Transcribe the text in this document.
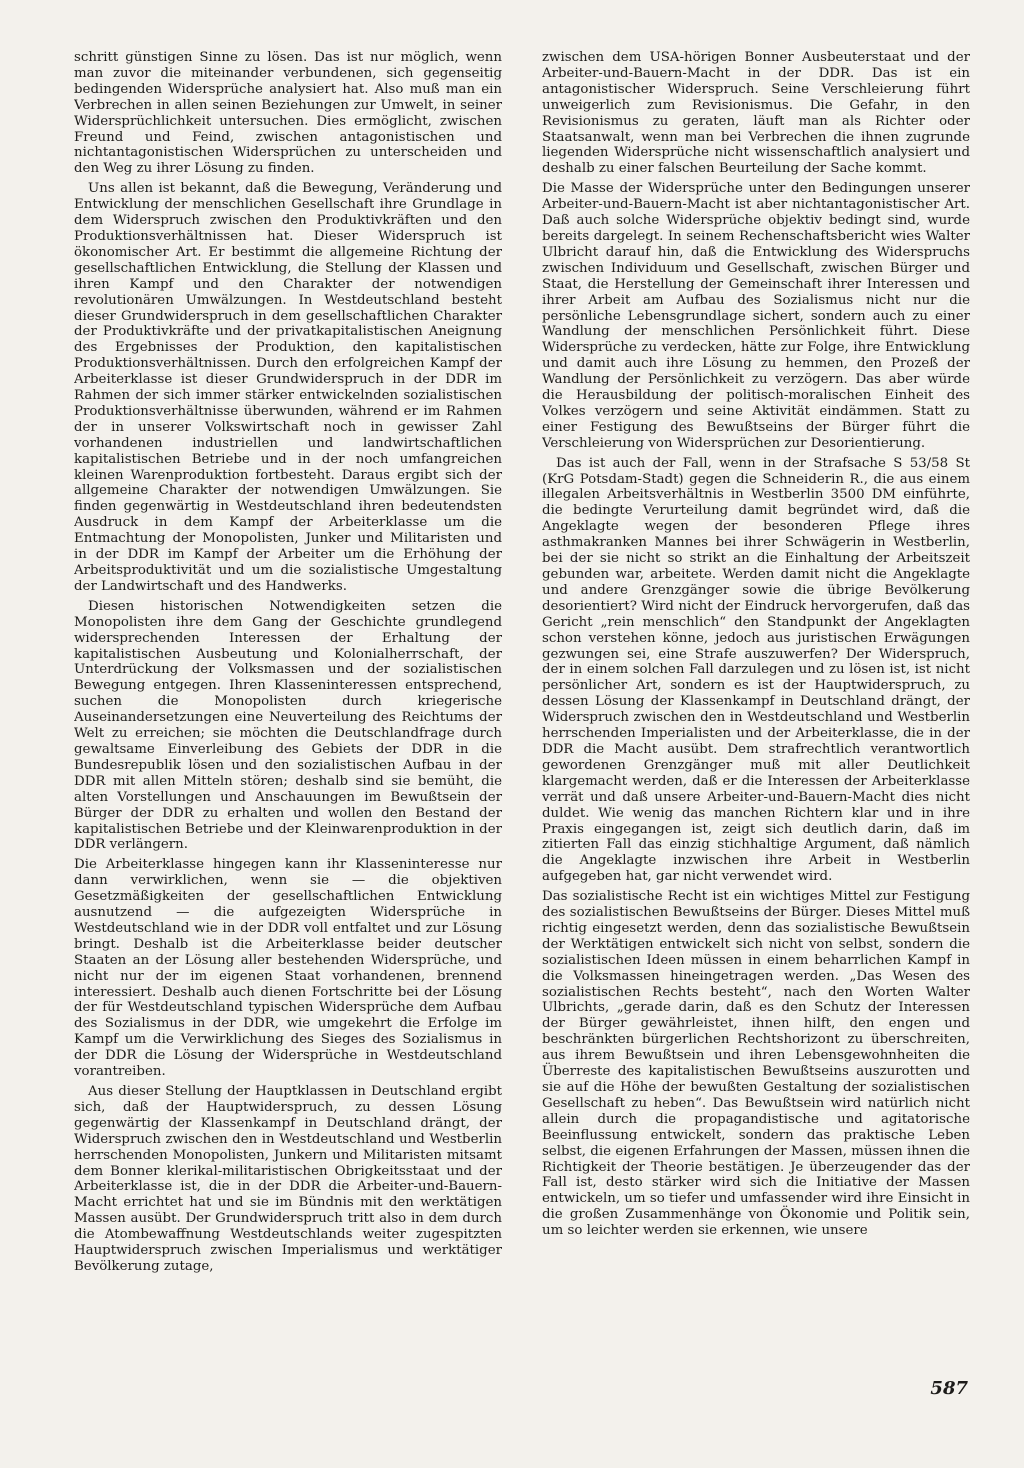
schritt günstigen Sinne zu lösen. Das ist nur möglich, wenn man zuvor die miteinander verbundenen, sich gegenseitig bedingenden Widersprüche analysiert hat. Also muß man ein Verbrechen in allen seinen Beziehungen zur Umwelt, in seiner Widersprüchlichkeit untersuchen. Dies ermöglicht, zwischen Freund und Feind, zwischen antagonistischen und nichtantagonistischen Widersprüchen zu unterscheiden und den Weg zu ihrer Lösung zu finden.

Uns allen ist bekannt, daß die Bewegung, Veränderung und Entwicklung der menschlichen Gesellschaft ihre Grundlage in dem Widerspruch zwischen den Produktivkräften und den Produktionsverhältnissen hat. Dieser Widerspruch ist ökonomischer Art. Er bestimmt die allgemeine Richtung der gesellschaftlichen Entwicklung, die Stellung der Klassen und ihren Kampf und den Charakter der notwendigen revolutionären Umwälzungen. In Westdeutschland besteht dieser Grundwiderspruch in dem gesellschaftlichen Charakter der Produktivkräfte und der privatkapitalistischen Aneignung des Ergebnisses der Produktion, den kapitalistischen Produktionsverhältnissen. Durch den erfolgreichen Kampf der Arbeiterklasse ist dieser Grundwiderspruch in der DDR im Rahmen der sich immer stärker entwickelnden sozialistischen Produktionsverhältnisse überwunden, während er im Rahmen der in unserer Volkswirtschaft noch in gewisser Zahl vorhandenen industriellen und landwirtschaftlichen kapitalistischen Betriebe und in der noch umfangreichen kleinen Warenproduktion fortbesteht. Daraus ergibt sich der allgemeine Charakter der notwendigen Umwälzungen. Sie finden gegenwärtig in Westdeutschland ihren bedeutendsten Ausdruck in dem Kampf der Arbeiterklasse um die Entmachtung der Monopolisten, Junker und Militaristen und in der DDR im Kampf der Arbeiter um die Erhöhung der Arbeitsproduktivität und um die sozialistische Umgestaltung der Landwirtschaft und des Handwerks.

Diesen historischen Notwendigkeiten setzen die Monopolisten ihre dem Gang der Geschichte grundlegend widersprechenden Interessen der Erhaltung der kapitalistischen Ausbeutung und Kolonialherrschaft, der Unterdrückung der Volksmassen und der sozialistischen Bewegung entgegen. Ihren Klasseninteressen entsprechend, suchen die Monopolisten durch kriegerische Auseinandersetzungen eine Neuverteilung des Reichtums der Welt zu erreichen; sie möchten die Deutschlandfrage durch gewaltsame Einverleibung des Gebiets der DDR in die Bundesrepublik lösen und den sozialistischen Aufbau in der DDR mit allen Mitteln stören; deshalb sind sie bemüht, die alten Vorstellungen und Anschauungen im Bewußtsein der Bürger der DDR zu erhalten und wollen den Bestand der kapitalistischen Betriebe und der Kleinwarenproduktion in der DDR verlängern.

Die Arbeiterklasse hingegen kann ihr Klasseninteresse nur dann verwirklichen, wenn sie — die objektiven Gesetzmäßigkeiten der gesellschaftlichen Entwicklung ausnutzend — die aufgezeigten Widersprüche in Westdeutschland wie in der DDR voll entfaltet und zur Lösung bringt. Deshalb ist die Arbeiterklasse beider deutscher Staaten an der Lösung aller bestehenden Widersprüche, und nicht nur der im eigenen Staat vorhandenen, brennend interessiert. Deshalb auch dienen Fortschritte bei der Lösung der für Westdeutschland typischen Widersprüche dem Aufbau des Sozialismus in der DDR, wie umgekehrt die Erfolge im Kampf um die Verwirklichung des Sieges des Sozialismus in der DDR die Lösung der Widersprüche in Westdeutschland vorantreiben.

Aus dieser Stellung der Hauptklassen in Deutschland ergibt sich, daß der Hauptwiderspruch, zu dessen Lösung gegenwärtig der Klassenkampf in Deutschland drängt, der Widerspruch zwischen den in Westdeutschland und Westberlin herrschenden Monopolisten, Junkern und Militaristen mitsamt dem Bonner klerikal-militaristischen Obrigkeitsstaat und der Arbeiterklasse ist, die in der DDR die Arbeiter-und-Bauern-Macht errichtet hat und sie im Bündnis mit den werktätigen Massen ausübt. Der Grundwiderspruch tritt also in dem durch die Atombewaffnung Westdeutschlands weiter zugespitzten Hauptwiderspruch zwischen Imperialismus und werktätiger Bevölkerung zutage,

zwischen dem USA-hörigen Bonner Ausbeuterstaat und der Arbeiter-und-Bauern-Macht in der DDR. Das ist ein antagonistischer Widerspruch. Seine Verschleierung führt unweigerlich zum Revisionismus. Die Gefahr, in den Revisionismus zu geraten, läuft man als Richter oder Staatsanwalt, wenn man bei Verbrechen die ihnen zugrunde liegenden Widersprüche nicht wissenschaftlich analysiert und deshalb zu einer falschen Beurteilung der Sache kommt.

Die Masse der Widersprüche unter den Bedingungen unserer Arbeiter-und-Bauern-Macht ist aber nichtantagonistischer Art. Daß auch solche Widersprüche objektiv bedingt sind, wurde bereits dargelegt. In seinem Rechenschaftsbericht wies Walter Ulbricht darauf hin, daß die Entwicklung des Widerspruchs zwischen Individuum und Gesellschaft, zwischen Bürger und Staat, die Herstellung der Gemeinschaft ihrer Interessen und ihrer Arbeit am Aufbau des Sozialismus nicht nur die persönliche Lebensgrundlage sichert, sondern auch zu einer Wandlung der menschlichen Persönlichkeit führt. Diese Widersprüche zu verdecken, hätte zur Folge, ihre Entwicklung und damit auch ihre Lösung zu hemmen, den Prozeß der Wandlung der Persönlichkeit zu verzögern. Das aber würde die Herausbildung der politisch-moralischen Einheit des Volkes verzögern und seine Aktivität eindämmen. Statt zu einer Festigung des Bewußtseins der Bürger führt die Verschleierung von Widersprüchen zur Desorientierung.

Das ist auch der Fall, wenn in der Strafsache S 53/58 St (KrG Potsdam-Stadt) gegen die Schneiderin R., die aus einem illegalen Arbeitsverhältnis in Westberlin 3500 DM einführte, die bedingte Verurteilung damit begründet wird, daß die Angeklagte wegen der besonderen Pflege ihres asthmakranken Mannes bei ihrer Schwägerin in Westberlin, bei der sie nicht so strikt an die Einhaltung der Arbeitszeit gebunden war, arbeitete. Werden damit nicht die Angeklagte und andere Grenzgänger sowie die übrige Bevölkerung desorientiert? Wird nicht der Eindruck hervorgerufen, daß das Gericht „rein menschlich“ den Standpunkt der Angeklagten schon verstehen könne, jedoch aus juristischen Erwägungen gezwungen sei, eine Strafe auszuwerfen? Der Widerspruch, der in einem solchen Fall darzulegen und zu lösen ist, ist nicht persönlicher Art, sondern es ist der Hauptwiderspruch, zu dessen Lösung der Klassenkampf in Deutschland drängt, der Widerspruch zwischen den in Westdeutschland und Westberlin herrschenden Imperialisten und der Arbeiterklasse, die in der DDR die Macht ausübt. Dem strafrechtlich verantwortlich gewordenen Grenzgänger muß mit aller Deutlichkeit klargemacht werden, daß er die Interessen der Arbeiterklasse verrät und daß unsere Arbeiter-und-Bauern-Macht dies nicht duldet. Wie wenig das manchen Richtern klar und in ihre Praxis eingegangen ist, zeigt sich deutlich darin, daß im zitierten Fall das einzig stichhaltige Argument, daß nämlich die Angeklagte inzwischen ihre Arbeit in Westberlin aufgegeben hat, gar nicht verwendet wird.

Das sozialistische Recht ist ein wichtiges Mittel zur Festigung des sozialistischen Bewußtseins der Bürger. Dieses Mittel muß richtig eingesetzt werden, denn das sozialistische Bewußtsein der Werktätigen entwickelt sich nicht von selbst, sondern die sozialistischen Ideen müssen in einem beharrlichen Kampf in die Volksmassen hineingetragen werden. „Das Wesen des sozialistischen Rechts besteht“, nach den Worten Walter Ulbrichts, „gerade darin, daß es den Schutz der Interessen der Bürger gewährleistet, ihnen hilft, den engen und beschränkten bürgerlichen Rechtshorizont zu überschreiten, aus ihrem Bewußtsein und ihren Lebensgewohnheiten die Überreste des kapitalistischen Bewußtseins auszurotten und sie auf die Höhe der bewußten Gestaltung der sozialistischen Gesellschaft zu heben“. Das Bewußtsein wird natürlich nicht allein durch die propagandistische und agitatorische Beeinflussung entwickelt, sondern das praktische Leben selbst, die eigenen Erfahrungen der Massen, müssen ihnen die Richtigkeit der Theorie bestätigen. Je überzeugender das der Fall ist, desto stärker wird sich die Initiative der Massen entwickeln, um so tiefer und umfassender wird ihre Einsicht in die großen Zusammenhänge von Ökonomie und Politik sein, um so leichter werden sie erkennen, wie unsere

587
